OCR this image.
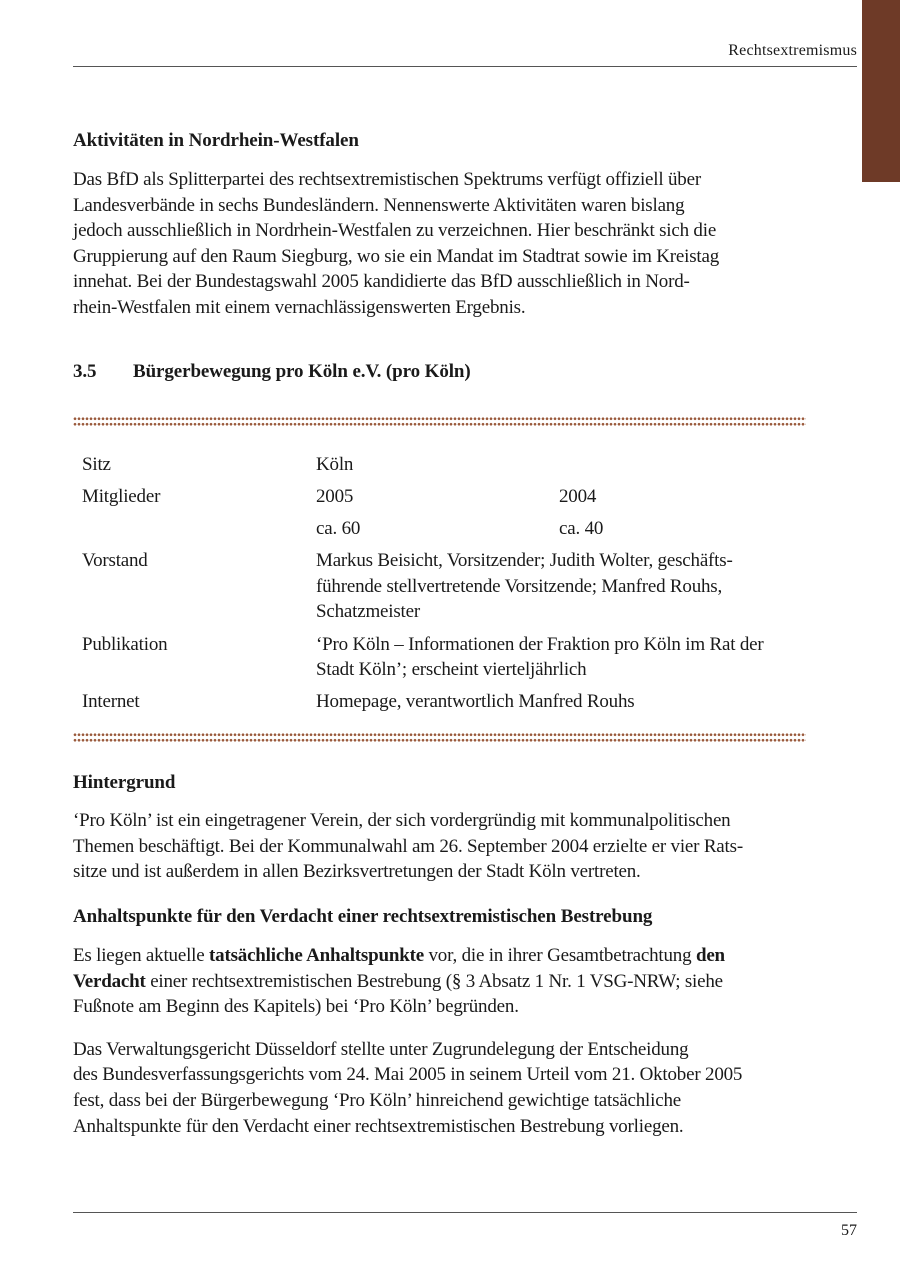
Rechtsextremismus
Aktivitäten in Nordrhein-Westfalen

Das BfD als Splitterpartei des rechtsextremistischen Spektrums verfügt offiziell über
Landesverbände in sechs Bundesländern. Nennenswerte Aktivitäten waren bislang
jedoch ausschließlich in Nordrhein-Westfalen zu verzeichnen. Hier beschränkt sich die
Gruppierung auf den Raum Siegburg, wo sie ein Mandat im Stadtrat sowie im Kreistag
innehat. Bei der Bundestagswahl 2005 kandidierte das BfD ausschließlich in Nord-
rhein-Westfalen mit einem vernachlässigenswerten Ergebnis.

3.5 Bürgerbewegung pro Köln e.V. (pro Köln)
Sitz	Köln	
Mitglieder	2005	2004
	ca. 60	ca. 40
Vorstand	Markus Beisicht, Vorsitzender; Judith Wolter, geschäfts-
führende stellvertretende Vorsitzende; Manfred Rouhs,
Schatzmeister	
Publikation	‘Pro Köln – Informationen der Fraktion pro Köln im Rat der
Stadt Köln’; erscheint vierteljährlich	
Internet	Homepage, verantwortlich Manfred Rouhs	
Hintergrund

‘Pro Köln’ ist ein eingetragener Verein, der sich vordergründig mit kommunalpolitischen
Themen beschäftigt. Bei der Kommunalwahl am 26. September 2004 erzielte er vier Rats-
sitze und ist außerdem in allen Bezirksvertretungen der Stadt Köln vertreten.

Anhaltspunkte für den Verdacht einer rechtsextremistischen Bestrebung

Es liegen aktuelle tatsächliche Anhaltspunkte vor, die in ihrer Gesamtbetrachtung den
Verdacht einer rechtsextremistischen Bestrebung (§ 3 Absatz 1 Nr. 1 VSG-NRW; siehe
Fußnote am Beginn des Kapitels) bei ‘Pro Köln’ begründen.

Das Verwaltungsgericht Düsseldorf stellte unter Zugrundelegung der Entscheidung
des Bundesverfassungsgerichts vom 24. Mai 2005 in seinem Urteil vom 21. Oktober 2005
fest, dass bei der Bürgerbewegung ‘Pro Köln’ hinreichend gewichtige tatsächliche
Anhaltspunkte für den Verdacht einer rechtsextremistischen Bestrebung vorliegen.

57
